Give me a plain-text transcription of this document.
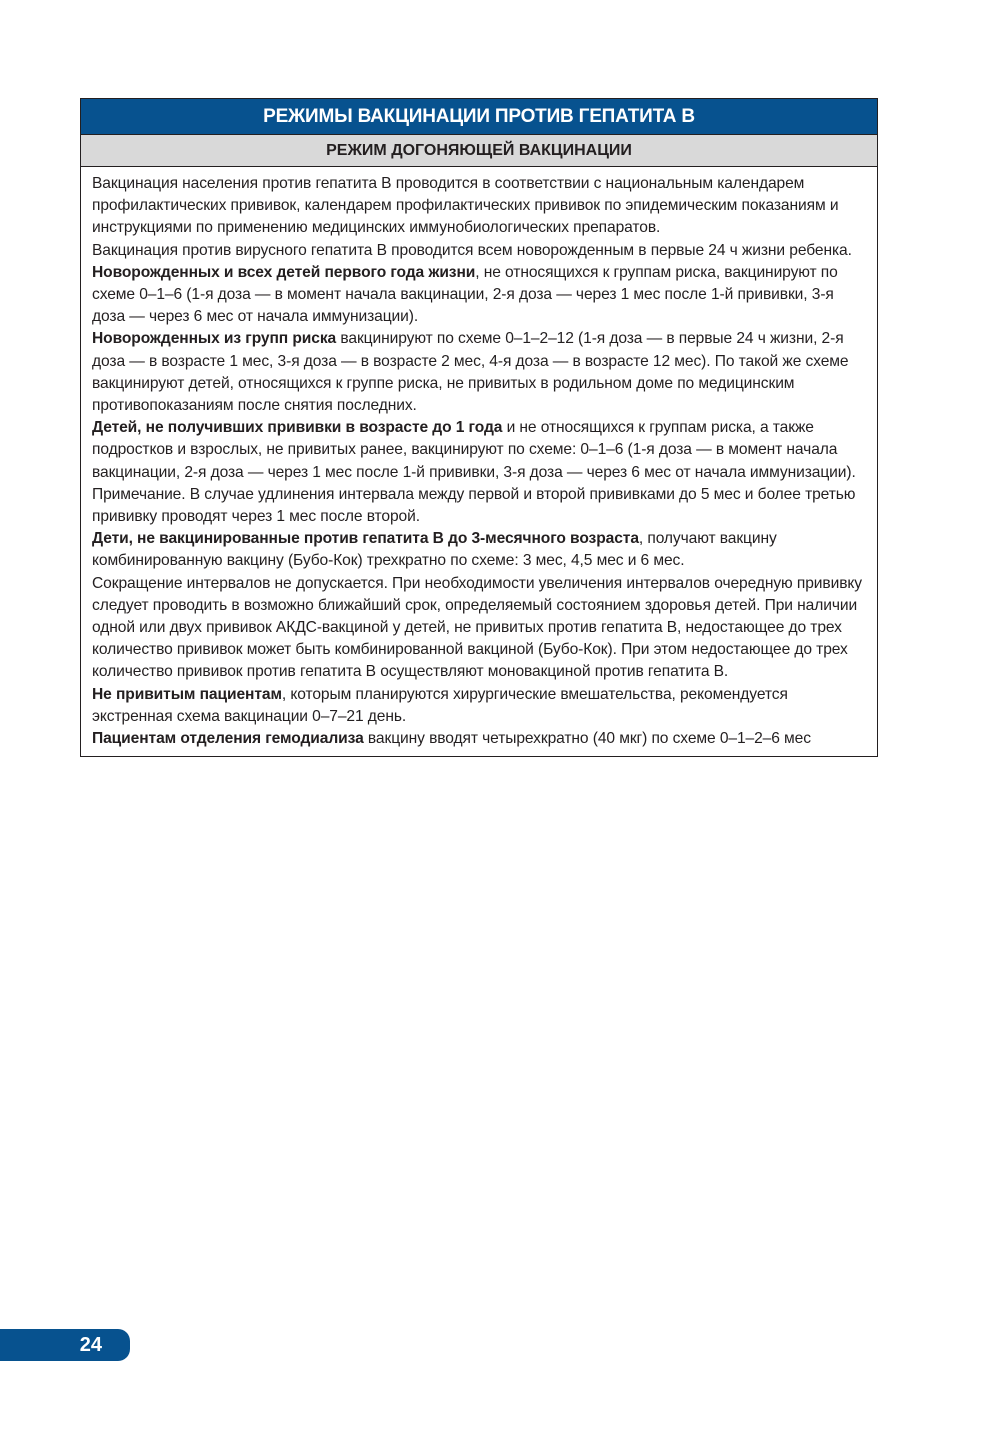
РЕЖИМЫ ВАКЦИНАЦИИ ПРОТИВ ГЕПАТИТА В
РЕЖИМ ДОГОНЯЮЩЕЙ ВАКЦИНАЦИИ

Вакцинация населения против гепатита В проводится в соответствии с национальным календарем профилактических прививок, календарем профилактических прививок по эпидемическим показаниям и инструкциями по применению медицинских иммунобиологических препаратов.

Вакцинация против вирусного гепатита В проводится всем новорожденным в первые 24 ч жизни ребенка.

Новорожденных и всех детей первого года жизни, не относящихся к группам риска, вакцинируют по схеме 0–1–6 (1-я доза — в момент начала вакцинации, 2-я доза — через 1 мес после 1-й прививки, 3-я доза — через 6 мес от начала иммунизации).

Новорожденных из групп риска вакцинируют по схеме 0–1–2–12 (1-я доза — в первые 24 ч жизни, 2-я доза — в возрасте 1 мес, 3-я доза — в возрасте 2 мес, 4-я доза — в возрасте 12 мес). По такой же схеме вакцинируют детей, относящихся к группе риска, не привитых в родильном доме по медицинским противопоказаниям после снятия последних.

Детей, не получивших прививки в возрасте до 1 года и не относящихся к группам риска, а также подростков и взрослых, не привитых ранее, вакцинируют по схеме: 0–1–6 (1-я доза — в момент начала вакцинации, 2-я доза — через 1 мес после 1-й прививки, 3-я доза — через 6 мес от начала иммунизации).

Примечание. В случае удлинения интервала между первой и второй прививками до 5 мес и более третью прививку проводят через 1 мес после второй.

Дети, не вакцинированные против гепатита В до 3-месячного возраста, получают вакцину комбинированную вакцину (Бубо-Кок) трехкратно по схеме: 3 мес, 4,5 мес и 6 мес.

Сокращение интервалов не допускается. При необходимости увеличения интервалов очередную прививку следует проводить в возможно ближайший срок, определяемый состоянием здоровья детей. При наличии одной или двух прививок АКДС-вакциной у детей, не привитых против гепатита В, недостающее до трех количество прививок может быть комбинированной вакциной (Бубо-Кок). При этом недостающее до трех количество прививок против гепатита В осуществляют моновакциной против гепатита В.

Не привитым пациентам, которым планируются хирургические вмешательства, рекомендуется экстренная схема вакцинации 0–7–21 день.

Пациентам отделения гемодиализа вакцину вводят четырехкратно (40 мкг) по схеме 0–1–2–6 мес

24
